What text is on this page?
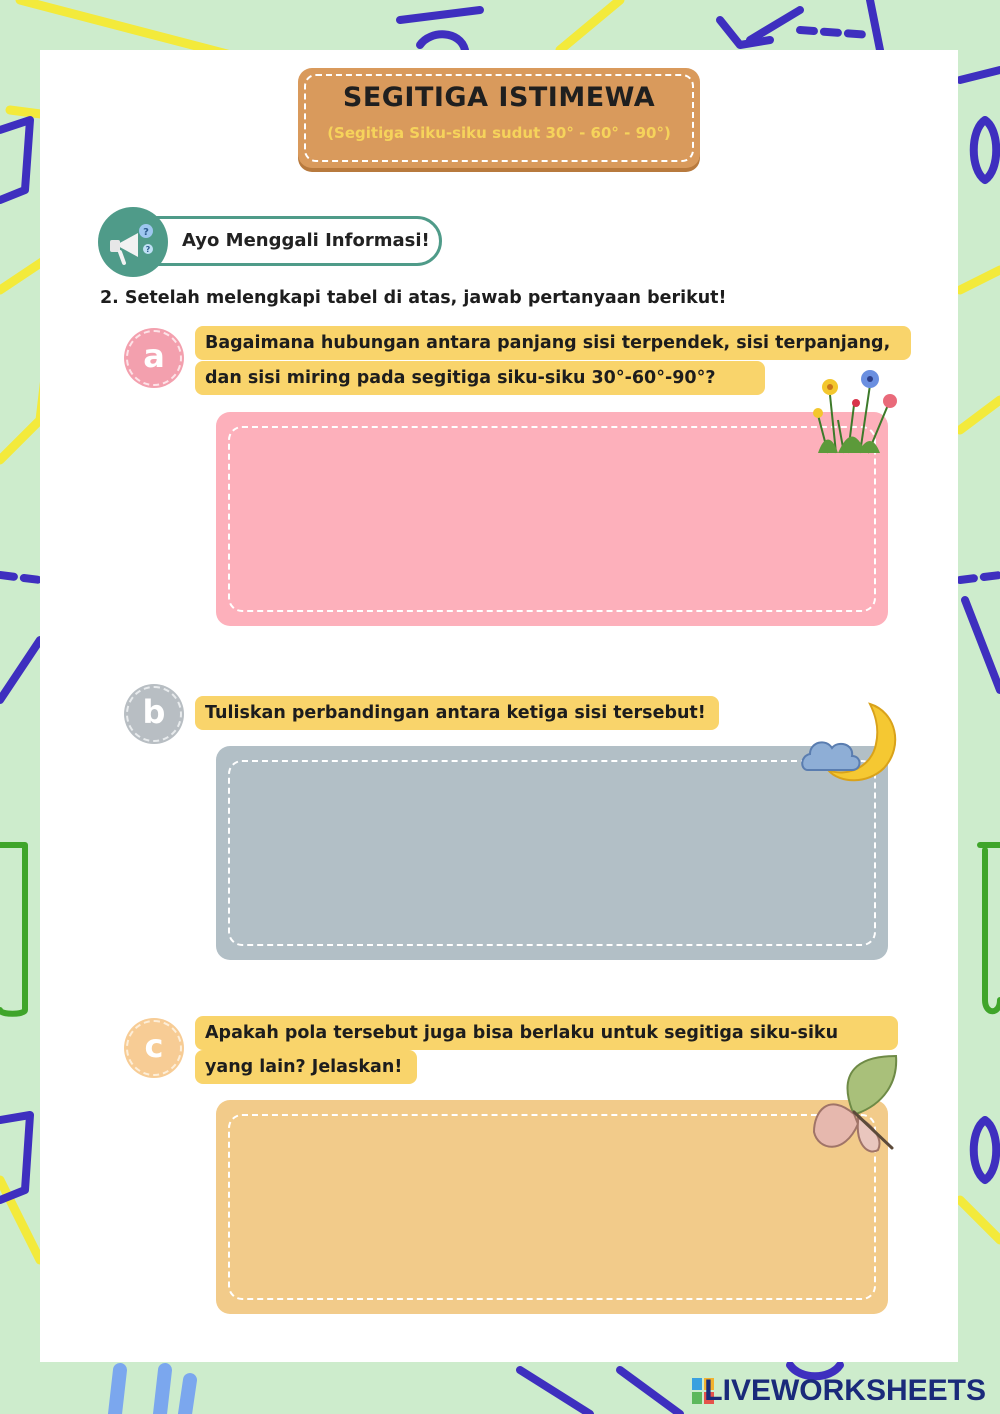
SEGITIGA ISTIMEWA
(Segitiga Siku-siku sudut 30° - 60° - 90°)
?
? Ayo Menggali Informasi!
2. Setelah melengkapi tabel di atas, jawab pertanyaan berikut!
a	Bagaimana hubungan antara panjang sisi terpendek, sisi terpanjang,
dan sisi miring pada segitiga siku-siku 30°-60°-90°?
b	Tuliskan perbandingan antara ketiga sisi tersebut!
c	Apakah pola tersebut juga bisa berlaku untuk segitiga siku-siku
yang lain? Jelaskan!
LIVEWORKSHEETS
